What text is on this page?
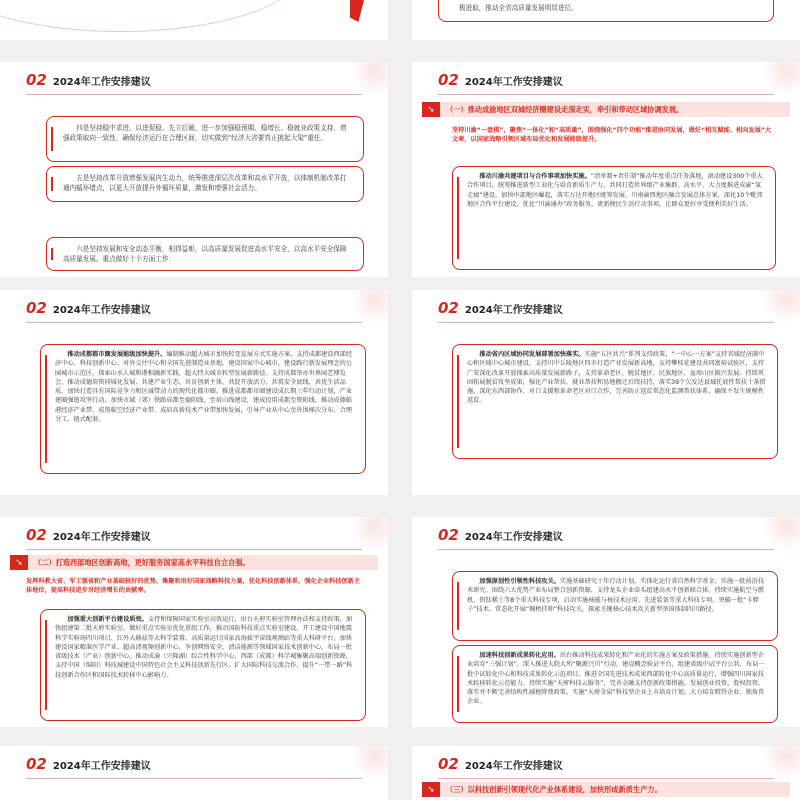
极进取，推动全省高质量发展明显进位。

02 2024年工作安排建议

四是坚持稳中求进、以进促稳、先立后破，进一步加强稳预期、稳增长、稳就业政策支持，增强政策取向一致性，确保经济运行在合理区间，切实做到“经济大省要真正挑起大梁”重任。

五是坚持改革开放增强发展内生动力，统筹推进深层次改革和高水平开放，以体制机制改革打通内循环堵点，以更大开放提升外循环质量，激发和增强社会活力。

六是坚持发展和安全动态平衡，相得益彰，以高质量发展促进高水平安全，以高水平安全保障高质量发展。重点做好十个方面工作：

02 2024年工作安排建议
➘	（一）推动成渝地区双城经济圈建设走深走实，牵引和带动区域协调发展。
坚持川渝“一盘棋”，聚焦“一体化”和“高质量”，围绕强化“四个功能”推进协同发展，做好“相互赋能、相向发展”大文章，以国家战略引领区域布局优化和发展能级提升。

推动川渝共建项目与合作事项加快实施。“清单制+责任制”推动年度重点任务落地，滚动建设300个重大合作项目，统筹推进新型工业化与培育新质生产力，共同打造世界级产业集群、高水平、大力度推进成渝“氢走廊”建设，加快中部地区崛起，落实万达开地区统筹发展、川南渝西地区融合发展总体方案，深化10个毗邻地区合作平台建设，优化“川渝通办”政务服务，更新便民生活行动事项，让群众更好享受便利美好生活。

02 2024年工作安排建议

推动成都都市圈发展能级加快提升。编制推动超大城市加快转变发展方式实施方案，支持成都建设西部经济中心、科技创新中心、对外交往中心和全国先进制造业基地，建设国家中心城市，建设践行新发展理念的公园城市示范区，探索山水人城和谐相融新实践，超大特大城市转型发展新路径。支持成都举办世界园艺博览会，推动成德眉资同城化发展，共建产业生态，共育创新主体，共促开放活力，共筑安全底线，共优生活品质，加快打造具有国际竞争力和区域带动力的现代化都市圈。推进成都都市圈建设成长期三年行动计划，产业建圈强链攻坚行动，加快市域（郊）铁路成都至德阳线、至眉山线建设，建成投用成都至资阳线，推动成德临港经济产业带、成资临空经济产业带、成眉高新技术产业带加快发展，引导产业从中心至外围梯次分布、合理分工、链式配套。

02 2024年工作安排建议

推动省内区域协同发展部署加快落实。实施“五区共兴”系列支持政策，“一中心一方案”支持省域经济副中心和区域中心城市建设，支持川中丘陵地区四市打造产业发展新高地，支持攀枝花建设共同富裕试验区，支持广安深化改革开放探索高质量发展新路子，支持革命老区、脱贫地区、民族地区、盆周山区振兴发展。持续巩固拓展脱贫攻坚成果，强化产业帮扶、就业帮扶和易地搬迁后续扶持，落实39个欠发达县域托底性帮扶十条措施，深化东西部协作、对口支援和革命老区对口合作，完善防止返贫常态化监测帮扶体系，确保不发生规模性返贫。

02 2024年工作安排建议
➘	（二）打造西部地区创新高地，更好服务国家高水平科技自立自强。
发挥科教大省、军工强省和产业基础较好的优势，集聚和用好国家战略科技力量，优化科技创新体系，强化企业科技创新主体地位，提高科技进步对经济增长的贡献率。

加强重大创新平台建设质效。支持和保障国家实验室高效运行，出台天府实验室管理办法和支持政策，加快组建第二批天府实验室，做好重点实验室优化重组工作，推动国防科技重点实验室建设。开工建设中国地震科学实验场四川项目、红外大赫兹等大科学装置。高质量运行国家高海拔宇宙线观测站等重大科研平台，加快建设国家精准医学产业、超高清视频创新中心，争创网络安全、清洁能源等领域国家技术创新中心，布局一批省级技术（产业）创新中心。推动成渝（兴隆湖）综合性科学中心、西部（成都）科学城集聚高端创新资源，支持中国（绵阳）科技城建设中国特色社会主义科技创新先行区。扩大国际科技交流合作，提升“一带一路”科技创新合作区和国际技术转移中心影响力。

02 2024年工作安排建议

加强原创性引领性科技攻关。实施基础研究十年行动计划，实体化运行省自然科学基金，实施一批前沿技术研究。围绕六大优势产业布局整合创新资源，支持龙头企业牵头组建高水平创新联合体。持续实施航空与燃机、钒钛稀土等8个重大科技专项，启动实施核能与核技术应用、先进装备等重大科技专项，突破一批“卡脖子”技术。常态化开展“揭榜挂帅”科技攻关，探索关键核心技术攻关新型举国体制四川路径。

加速科技创新成果转化应用。出台推动科技成果转化和产业化的实施方案及政策措施。持续实施创新型企业培育“三强计划”，深入推进大院大所“聚源兴川”行动，建设概念验证平台，组建省级中试平台公共，布局一批中试转化中心和科技成果转化示范项目。推进全国先进技术成果西部转化中心高质量运行，增强四川国家技术转移转化示范能力。持续实施“天府科技云服务”，完善金融支持创新政策措施，发展创业投资、股权投资，落实并不断完善结构性减税降费政策。实施“天府金泉”科技型企业上市培育计划，大力培育瞪羚企业、独角兽企业。

02 2024年工作安排建议	02 2024年工作安排建议
➘	（三）以科技创新引领现代化产业体系建设，加快形成新质生产力。
